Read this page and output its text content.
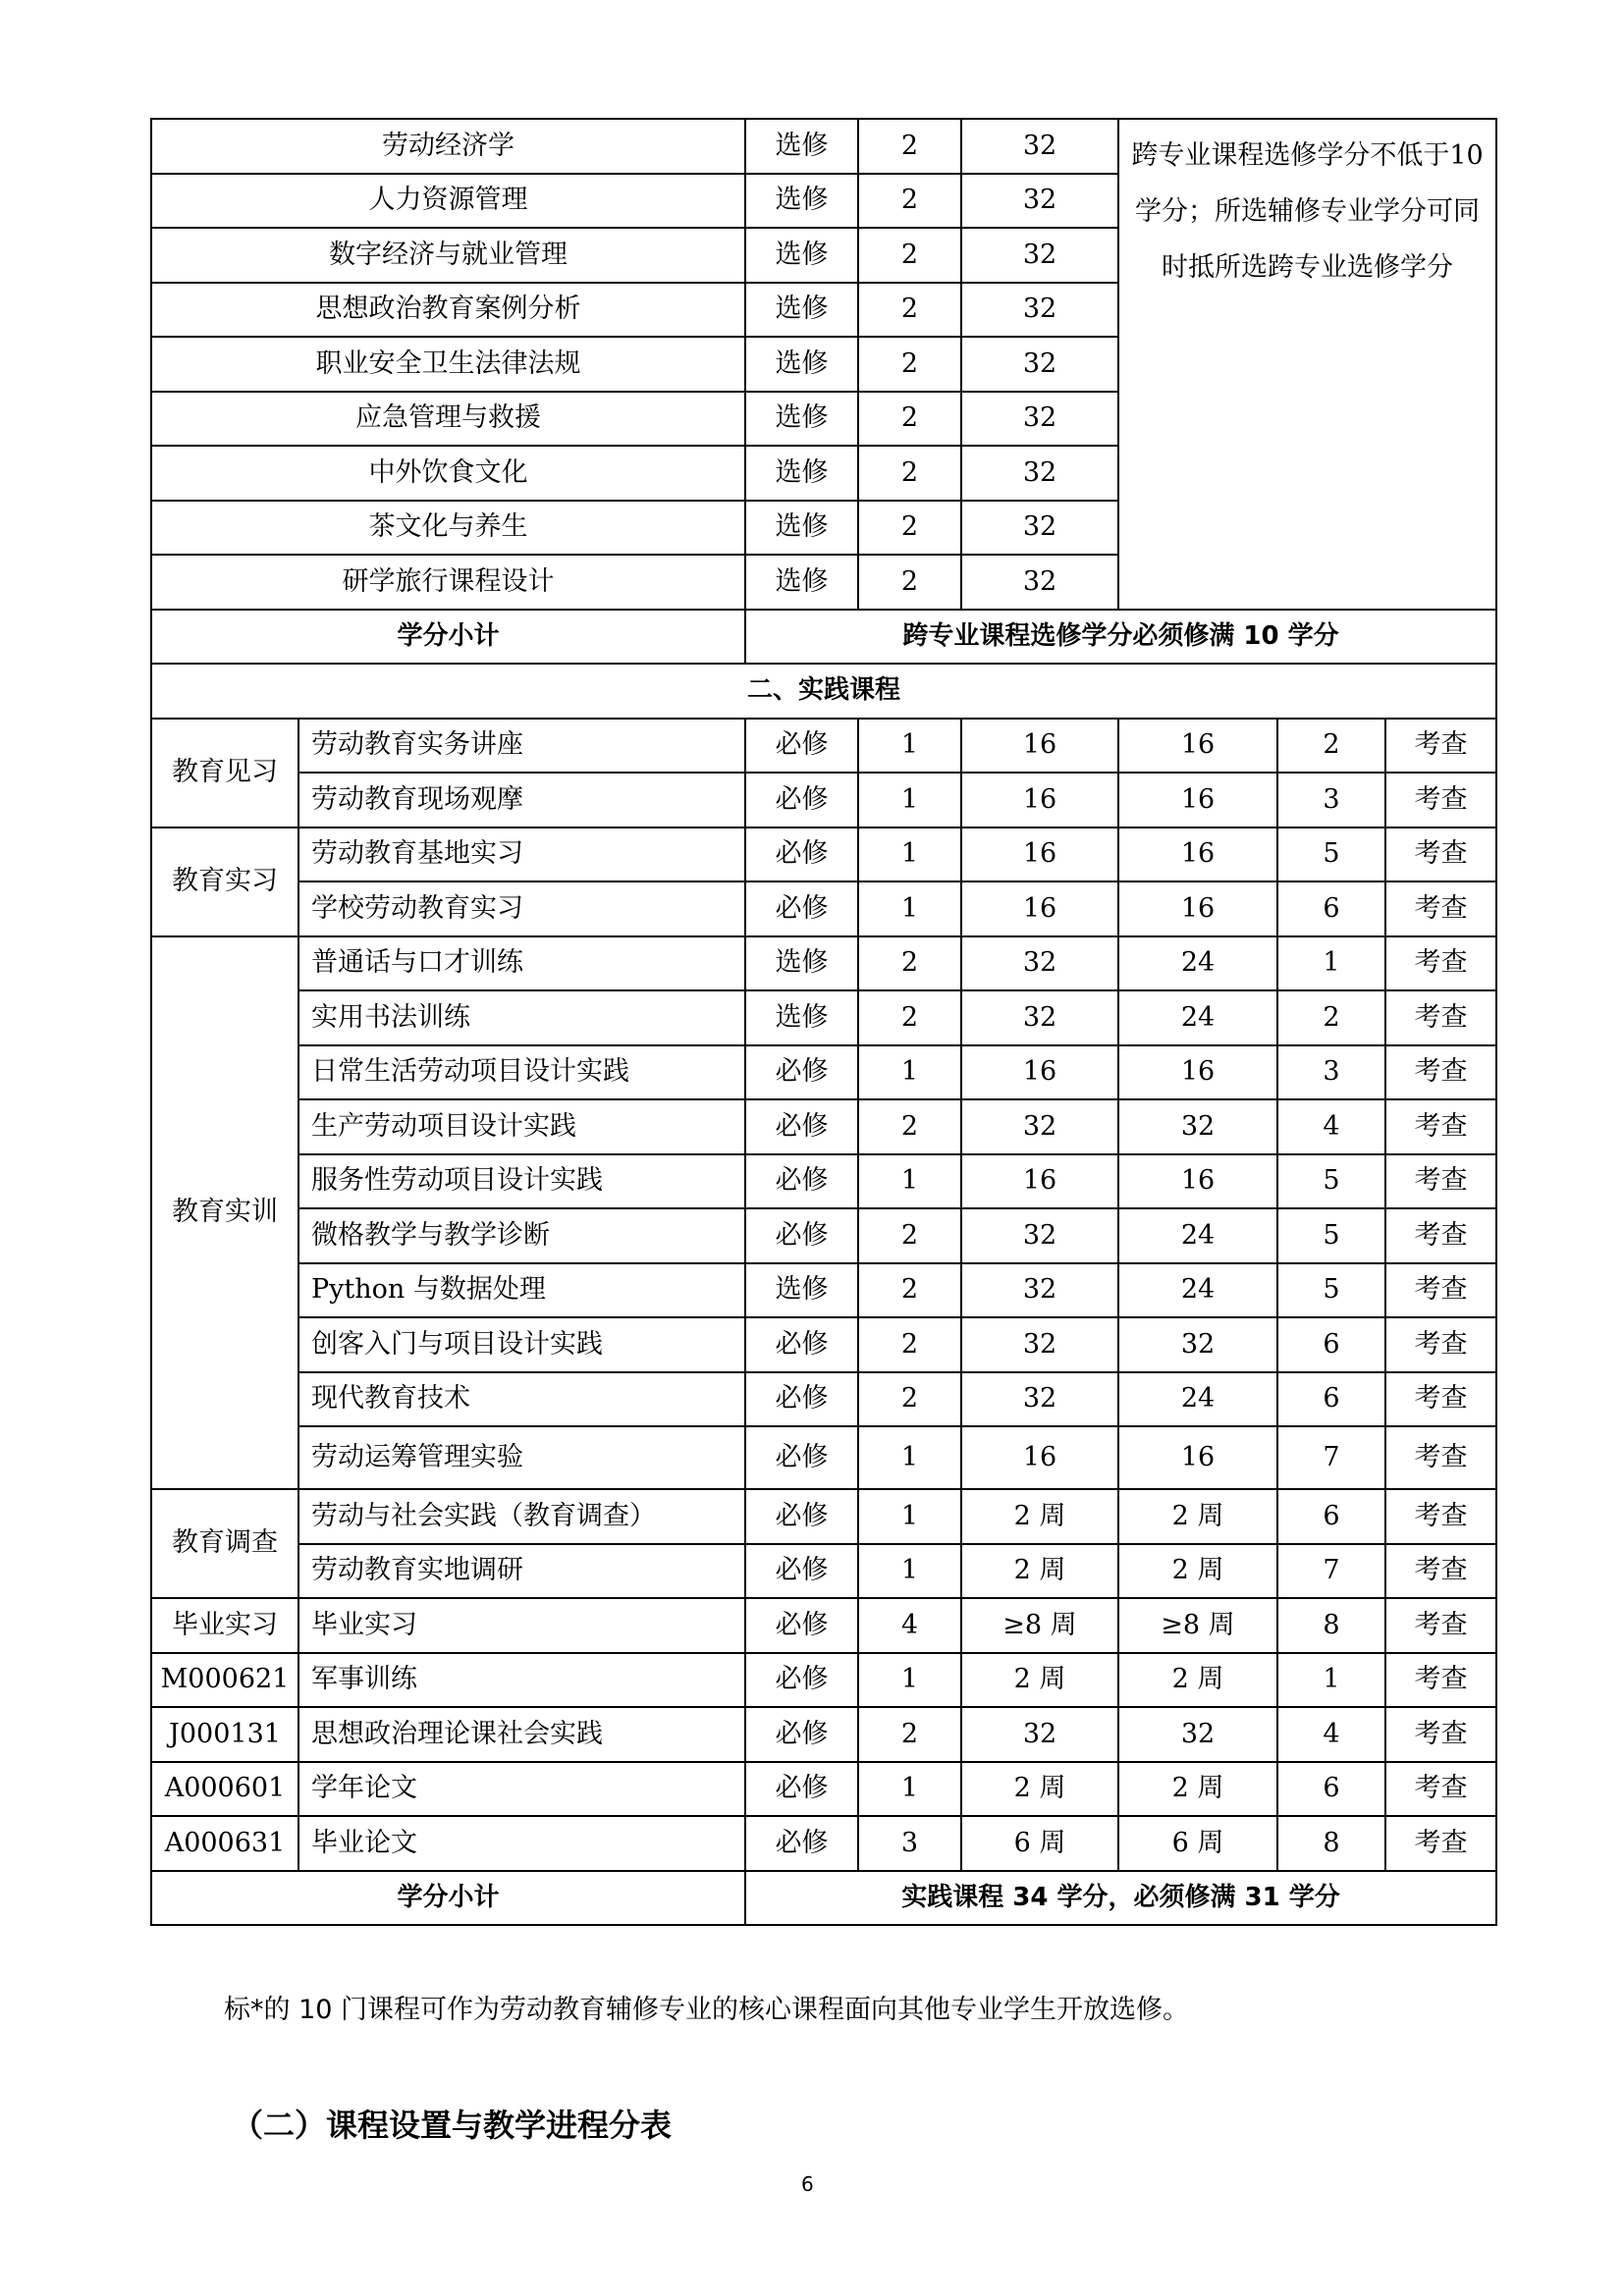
劳动经济学		选修	2	32	跨专业课程选修学分不低于10学分；所选辅修专业学分可同时抵所选跨专业选修学分		
人力资源管理		选修	2	32			
数字经济与就业管理		选修	2	32			
思想政治教育案例分析		选修	2	32			
职业安全卫生法律法规		选修	2	32			
应急管理与救援		选修	2	32			
中外饮食文化		选修	2	32			
茶文化与养生		选修	2	32			
研学旅行课程设计		选修	2	32			
学分小计		跨专业课程选修学分必须修满 10 学分					
二、实践课程							
教育见习	劳动教育实务讲座	必修	1	16	16	2	考查
	劳动教育现场观摩	必修	1	16	16	3	考查
教育实习	劳动教育基地实习	必修	1	16	16	5	考查
	学校劳动教育实习	必修	1	16	16	6	考查
教育实训	普通话与口才训练	选修	2	32	24	1	考查
	实用书法训练	选修	2	32	24	2	考查
	日常生活劳动项目设计实践	必修	1	16	16	3	考查
	生产劳动项目设计实践	必修	2	32	32	4	考查
	服务性劳动项目设计实践	必修	1	16	16	5	考查
	微格教学与教学诊断	必修	2	32	24	5	考查
	Python 与数据处理	选修	2	32	24	5	考查
	创客入门与项目设计实践	必修	2	32	32	6	考查
	现代教育技术	必修	2	32	24	6	考查
	劳动运筹管理实验	必修	1	16	16	7	考查
教育调查	劳动与社会实践（教育调查）	必修	1	2 周	2 周	6	考查
	劳动教育实地调研	必修	1	2 周	2 周	7	考查
毕业实习	毕业实习	必修	4	≥8 周	≥8 周	8	考查
M000621	军事训练	必修	1	2 周	2 周	1	考查
J000131	思想政治理论课社会实践	必修	2	32	32	4	考查
A000601	学年论文	必修	1	2 周	2 周	6	考查
A000631	毕业论文	必修	3	6 周	6 周	8	考查
学分小计		实践课程 34 学分，必须修满 31 学分					
标*的 10 门课程可作为劳动教育辅修专业的核心课程面向其他专业学生开放选修。
（二）课程设置与教学进程分表
6
